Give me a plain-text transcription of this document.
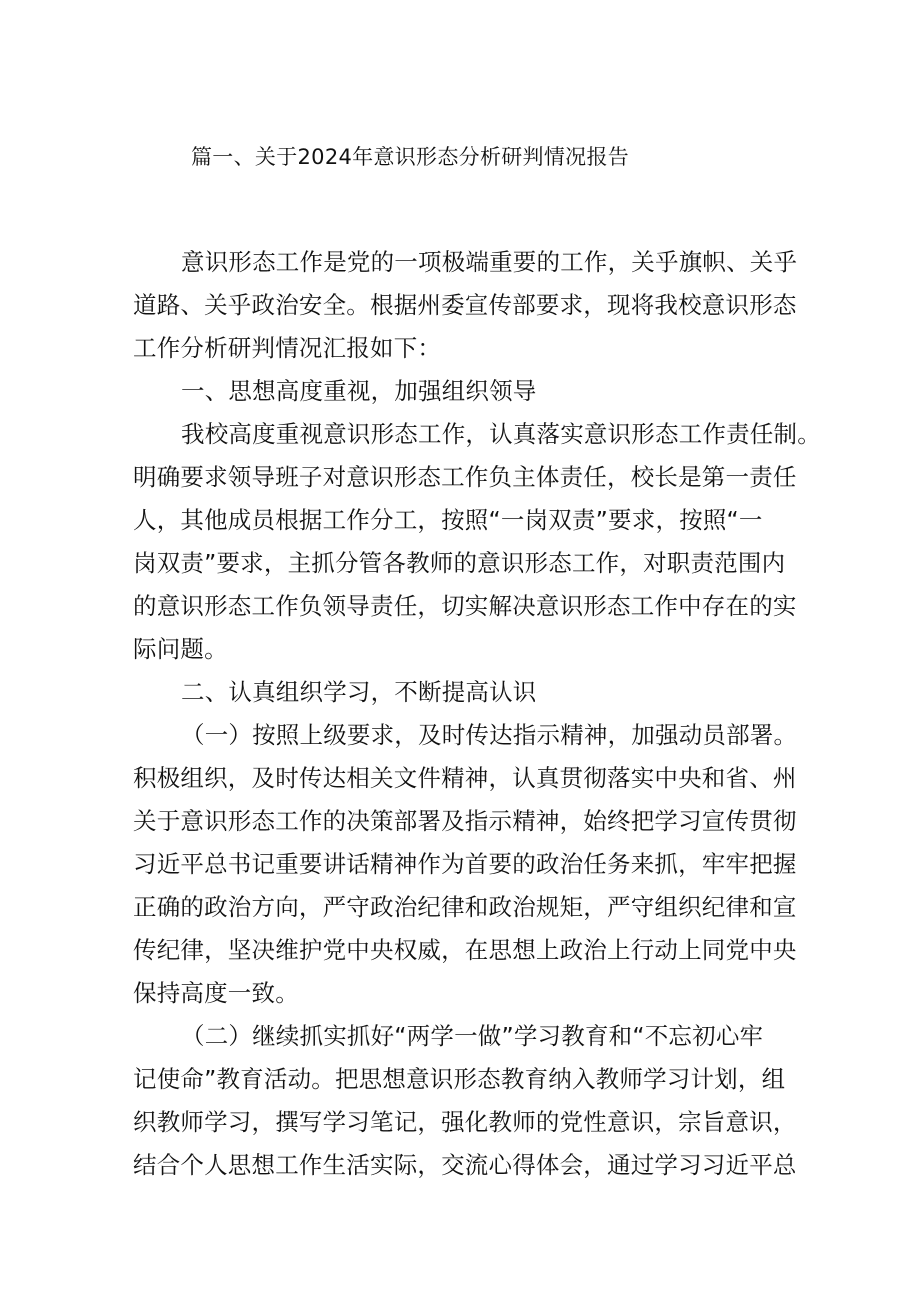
篇一、关于2024年意识形态分析研判情况报告
意识形态工作是党的一项极端重要的工作，关乎旗帜、关乎
道路、关乎政治安全。根据州委宣传部要求，现将我校意识形态
工作分析研判情况汇报如下：
一、思想高度重视，加强组织领导
我校高度重视意识形态工作，认真落实意识形态工作责任制。
明确要求领导班子对意识形态工作负主体责任，校长是第一责任
人，其他成员根据工作分工，按照“一岗双责”要求，按照“一
岗双责”要求，主抓分管各教师的意识形态工作，对职责范围内
的意识形态工作负领导责任，切实解决意识形态工作中存在的实
际问题。
二、认真组织学习，不断提高认识
（一）按照上级要求，及时传达指示精神，加强动员部署。
积极组织，及时传达相关文件精神，认真贯彻落实中央和省、州
关于意识形态工作的决策部署及指示精神，始终把学习宣传贯彻
习近平总书记重要讲话精神作为首要的政治任务来抓，牢牢把握
正确的政治方向，严守政治纪律和政治规矩，严守组织纪律和宣
传纪律，坚决维护党中央权威，在思想上政治上行动上同党中央
保持高度一致。
（二）继续抓实抓好“两学一做”学习教育和“不忘初心牢
记使命”教育活动。把思想意识形态教育纳入教师学习计划，组
织教师学习，撰写学习笔记，强化教师的党性意识，宗旨意识，
结合个人思想工作生活实际，交流心得体会，通过学习习近平总
